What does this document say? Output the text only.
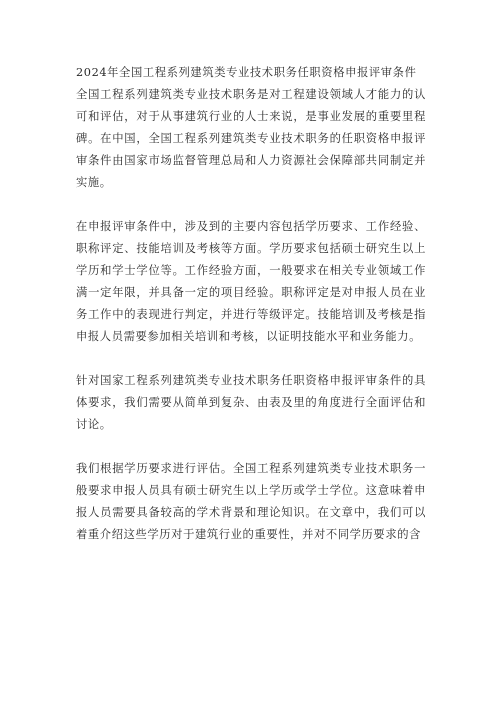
2024年全国工程系列建筑类专业技术职务任职资格申报评审条件

全国工程系列建筑类专业技术职务是对工程建设领域人才能力的认可和评估，对于从事建筑行业的人士来说，是事业发展的重要里程碑。在中国，全国工程系列建筑类专业技术职务的任职资格申报评审条件由国家市场监督管理总局和人力资源社会保障部共同制定并实施。

在申报评审条件中，涉及到的主要内容包括学历要求、工作经验、职称评定、技能培训及考核等方面。学历要求包括硕士研究生以上学历和学士学位等。工作经验方面，一般要求在相关专业领域工作满一定年限，并具备一定的项目经验。职称评定是对申报人员在业务工作中的表现进行判定，并进行等级评定。技能培训及考核是指申报人员需要参加相关培训和考核，以证明技能水平和业务能力。

针对国家工程系列建筑类专业技术职务任职资格申报评审条件的具体要求，我们需要从简单到复杂、由表及里的角度进行全面评估和讨论。

我们根据学历要求进行评估。全国工程系列建筑类专业技术职务一般要求申报人员具有硕士研究生以上学历或学士学位。这意味着申报人员需要具备较高的学术背景和理论知识。在文章中，我们可以着重介绍这些学历对于建筑行业的重要性，并对不同学历要求的含
